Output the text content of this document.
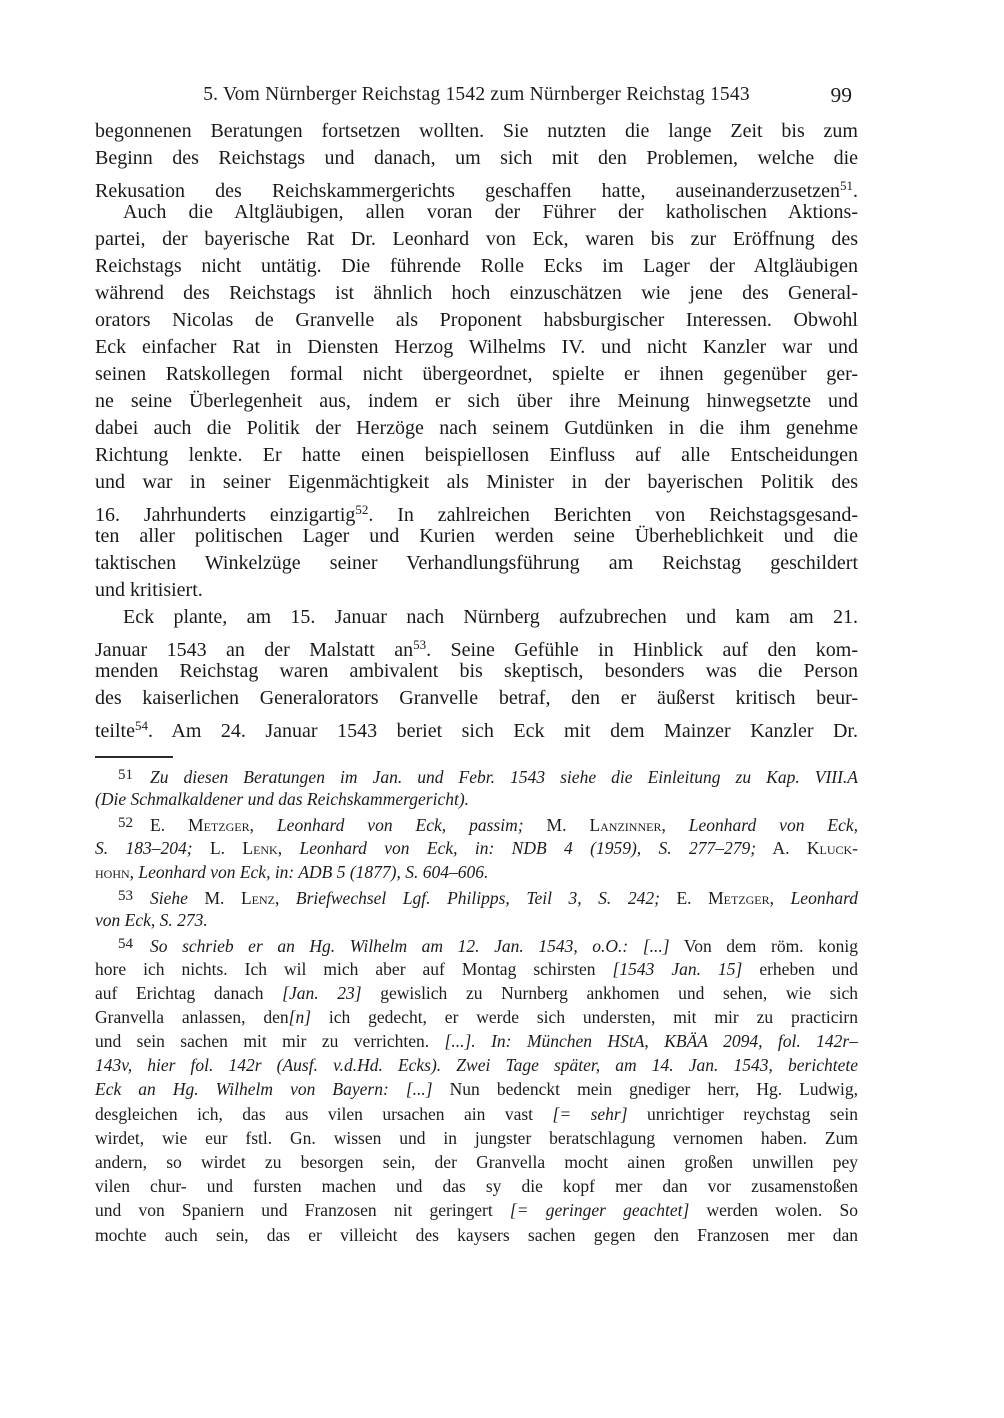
5. Vom Nürnberger Reichstag 1542 zum Nürnberger Reichstag 1543	99
begonnenen Beratungen fortsetzen wollten. Sie nutzten die lange Zeit bis zum
Beginn des Reichstags und danach, um sich mit den Problemen, welche die
Rekusation des Reichskammergerichts geschaffen hatte, auseinanderzusetzen$^{51}$.
Auch die Altgläubigen, allen voran der Führer der katholischen Aktions-
partei, der bayerische Rat Dr. Leonhard von Eck, waren bis zur Eröffnung des
Reichstags nicht untätig. Die führende Rolle Ecks im Lager der Altgläubigen
während des Reichstags ist ähnlich hoch einzuschätzen wie jene des General-
orators Nicolas de Granvelle als Proponent habsburgischer Interessen. Obwohl
Eck einfacher Rat in Diensten Herzog Wilhelms IV. und nicht Kanzler war und
seinen Ratskollegen formal nicht übergeordnet, spielte er ihnen gegenüber ger-
ne seine Überlegenheit aus, indem er sich über ihre Meinung hinwegsetzte und
dabei auch die Politik der Herzöge nach seinem Gutdünken in die ihm genehme
Richtung lenkte. Er hatte einen beispiellosen Einfluss auf alle Entscheidungen
und war in seiner Eigenmächtigkeit als Minister in der bayerischen Politik des
16. Jahrhunderts einzigartig$^{52}$. In zahlreichen Berichten von Reichstagsgesand-
ten aller politischen Lager und Kurien werden seine Überheblichkeit und die
taktischen Winkelzüge seiner Verhandlungsführung am Reichstag geschildert
und kritisiert.
Eck plante, am 15. Januar nach Nürnberg aufzubrechen und kam am 21.
Januar 1543 an der Malstatt $an^{53}$. Seine Gefühle in Hinblick auf den kom-
menden Reichstag waren ambivalent bis skeptisch, besonders was die Person
des kaiserlichen Generalorators Granvelle betraf, den er äußerst kritisch beur-
teilte$^{54}$. Am 24. Januar 1543 beriet sich Eck mit dem Mainzer Kanzler Dr.
51 Zu diesen Beratungen im Jan. und Febr. 1543 siehe die Einleitung zu Kap. VIII.A
(Die Schmalkaldener und das Reichskammergericht).
52 E. Metzger, Leonhard von Eck, passim; M. Lanzinner, Leonhard von Eck,
S. 183–204; L. Lenk, Leonhard von Eck, in: NDB 4 (1959), S. 277–279; A. Kluck-
hohn, Leonhard von Eck, in: ADB 5 (1877), S. 604–606.
53 Siehe M. Lenz, Briefwechsel Lgf. Philipps, Teil 3, S. 242; E. Metzger, Leonhard
von Eck, S. 273.
54 So schrieb er an Hg. Wilhelm am 12. Jan. 1543, o.O.: [...] Von dem röm. konig
hore ich nichts. Ich wil mich aber auf Montag schirsten [1543 Jan. 15] erheben und
auf Erichtag danach [Jan. 23] gewislich zu Nurnberg ankhomen und sehen, wie sich
Granvella anlassen, den[n] ich gedecht, er werde sich understen, mit mir zu practicirn
und sein sachen mit mir zu verrichten. [...]. In: München HStA, KBÄA 2094, fol. 142r–
143v, hier fol. 142r (Ausf. v.d.Hd. Ecks). Zwei Tage später, am 14. Jan. 1543, berichtete
Eck an Hg. Wilhelm von Bayern: [...] Nun bedenckt mein gnediger herr, Hg. Ludwig,
desgleichen ich, das aus vilen ursachen ain vast [= sehr] unrichtiger reychstag sein
wirdet, wie eur fstl. Gn. wissen und in jungster beratschlagung vernomen haben. Zum
andern, so wirdet zu besorgen sein, der Granvella mocht ainen großen unwillen pey
vilen chur- und fursten machen und das sy die kopf mer dan vor zusamenstoßen
und von Spaniern und Franzosen nit geringert [= geringer geachtet] werden wolen. So
mochte auch sein, das er villeicht des kaysers sachen gegen den Franzosen mer dan
